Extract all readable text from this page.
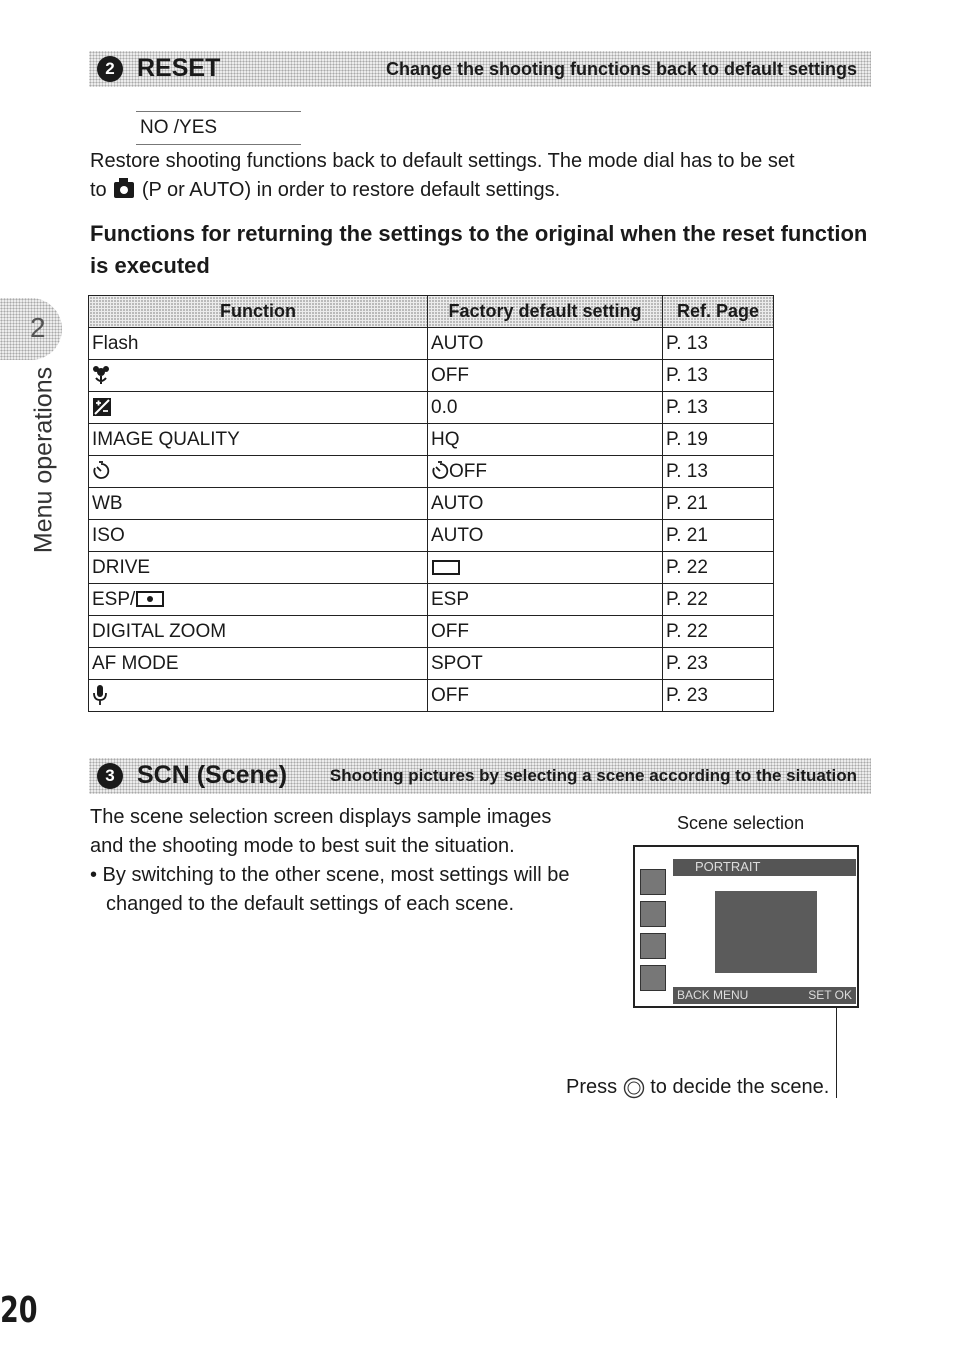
2 RESET	Change the shooting functions back to default settings
NO /YES
Restore shooting functions back to default settings. The mode dial has to be set
to (P or AUTO) in order to restore default settings.
Functions for returning the settings to the original when the reset function is executed
2
Menu operations
Function	Factory default setting	Ref. Page
Flash	AUTO	P. 13
	OFF	P. 13
	0.0	P. 13
IMAGE QUALITY	HQ	P. 19
	OFF	P. 13
WB	AUTO	P. 21
ISO	AUTO	P. 21
DRIVE		P. 22
ESP/	ESP	P. 22
DIGITAL ZOOM	OFF	P. 22
AF MODE	SPOT	P. 23
	OFF	P. 23
3 SCN (Scene)	Shooting pictures by selecting a scene according to the situation
The scene selection screen displays sample images
and the shooting mode to best suit the situation.
• By switching to the other scene, most settings will be
changed to the default settings of each scene.
Scene selection
PORTRAIT
BACK MENU	SET OK
Press to decide the scene.
20
